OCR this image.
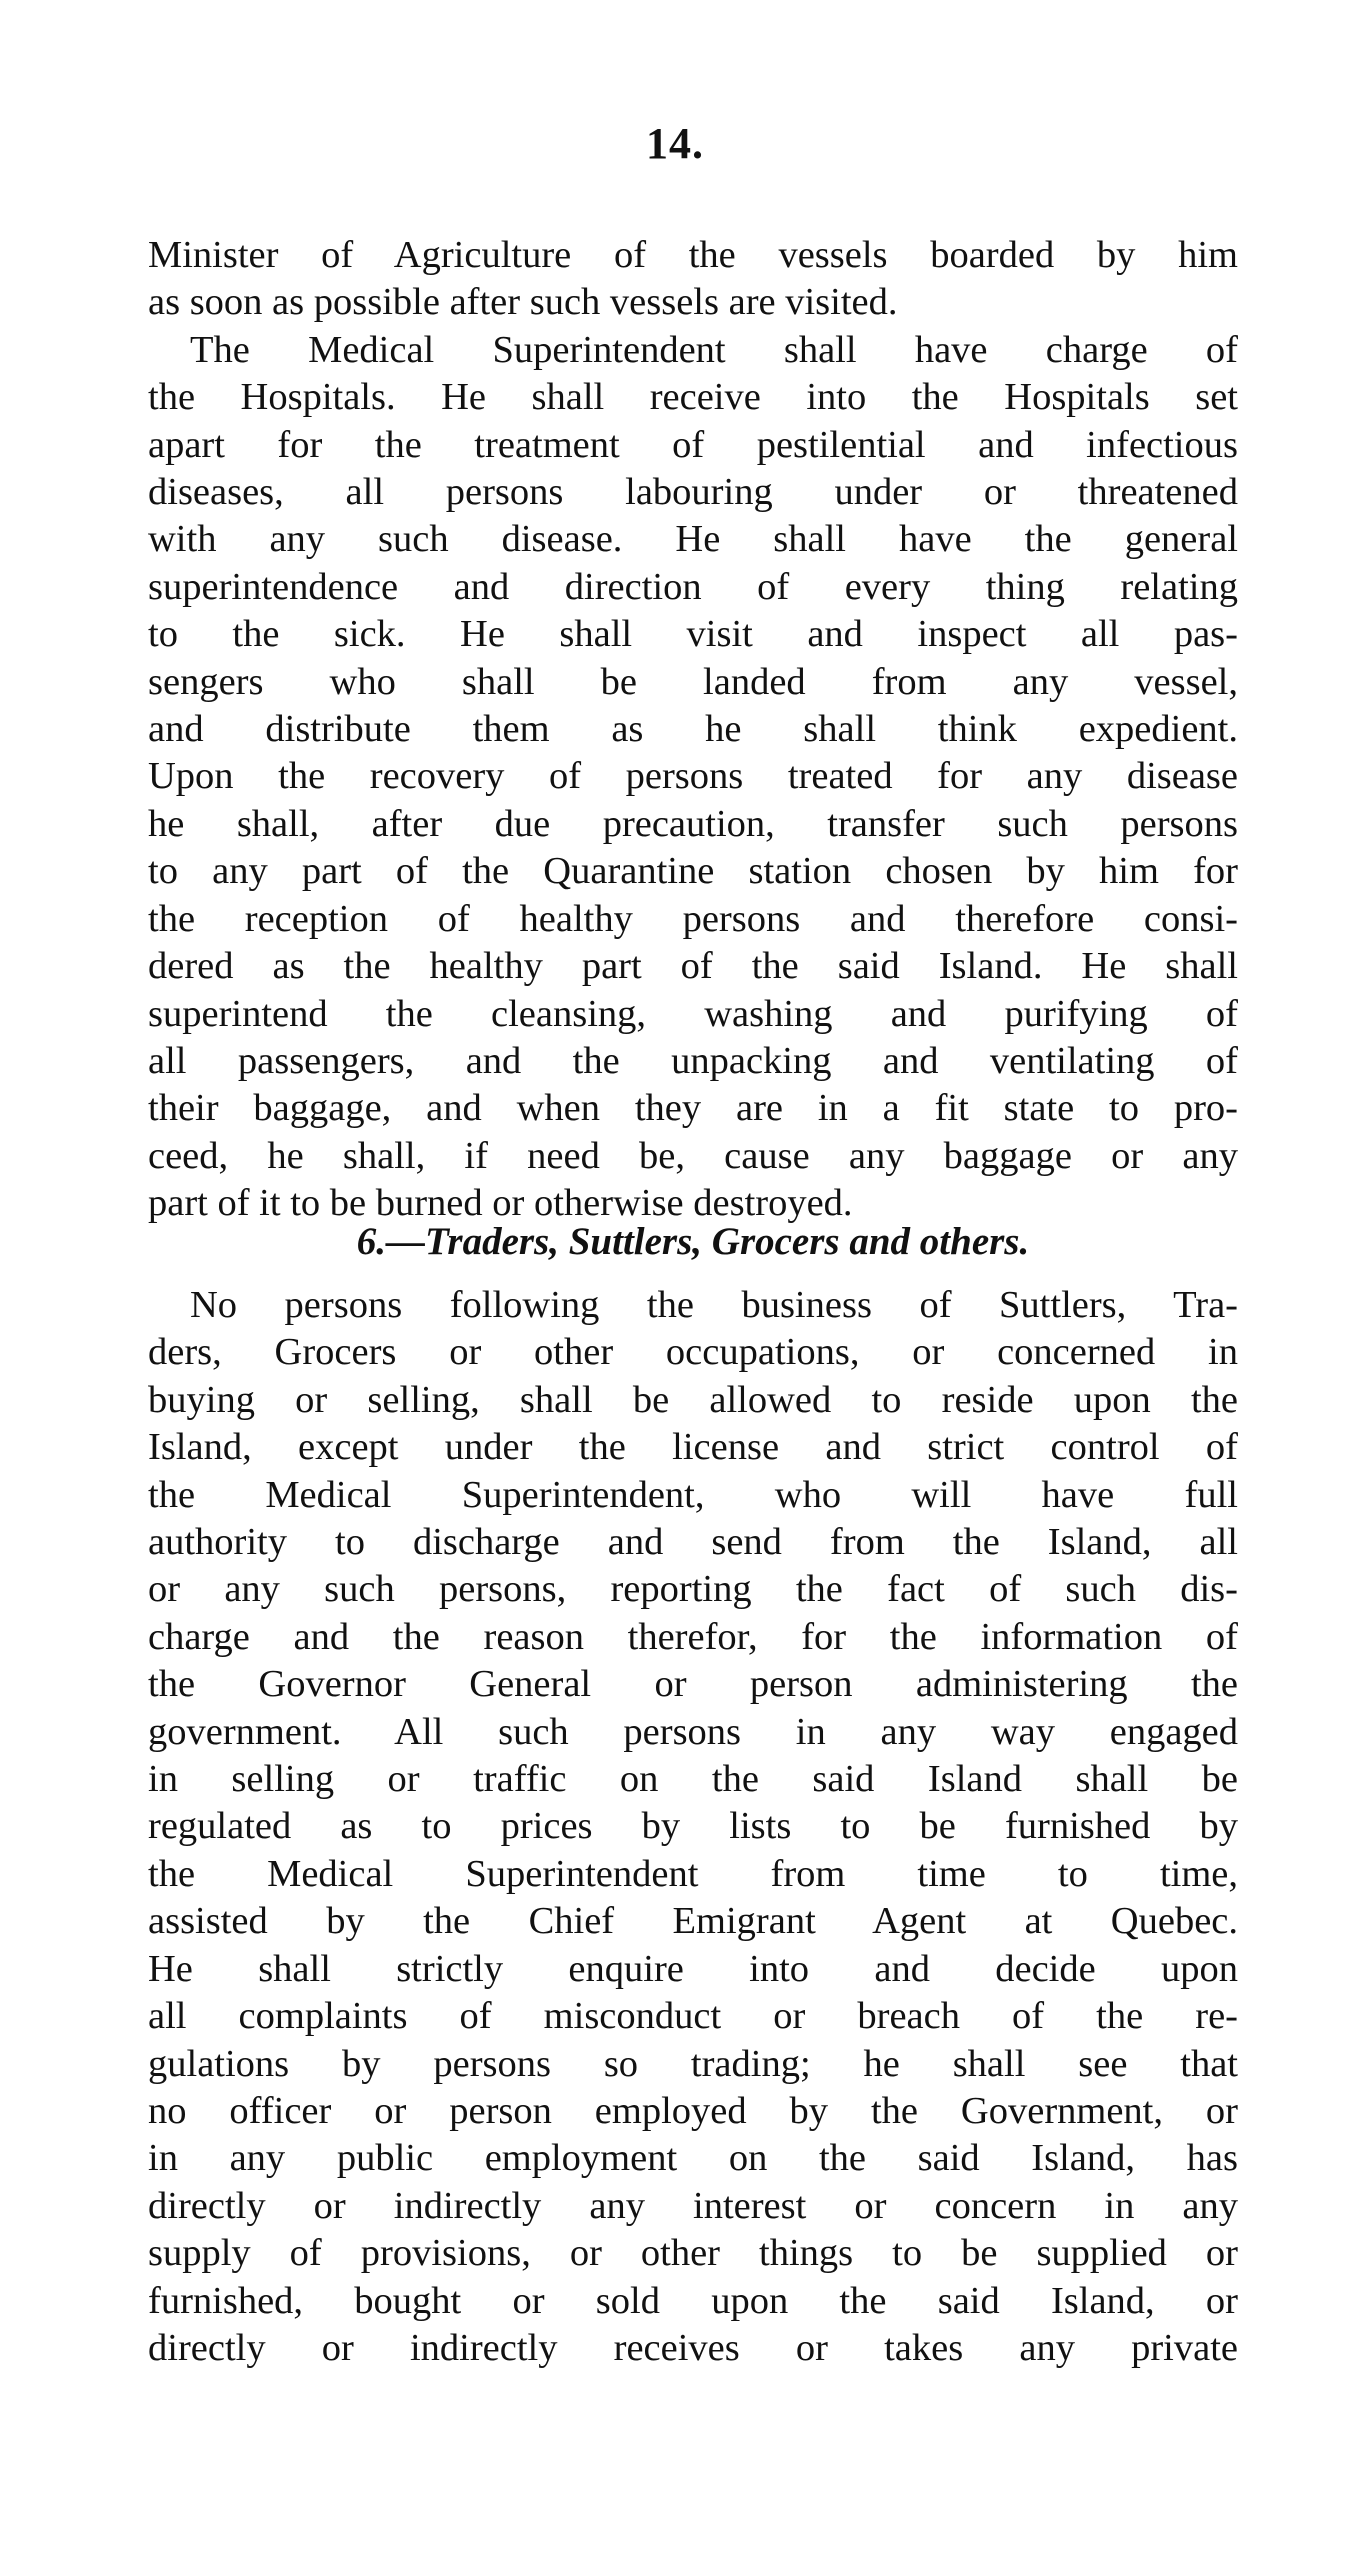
14.
Minister of Agriculture of the vessels boarded by him
as soon as possible after such vessels are visited.
The Medical Superintendent shall have charge of
the Hospitals. He shall receive into the Hospitals set
apart for the treatment of pestilential and infectious
diseases, all persons labouring under or threatened
with any such disease. He shall have the general
superintendence and direction of every thing relating
to the sick. He shall visit and inspect all pas-
sengers who shall be landed from any vessel,
and distribute them as he shall think expedient.
Upon the recovery of persons treated for any disease
he shall, after due precaution, transfer such persons
to any part of the Quarantine station chosen by him for
the reception of healthy persons and therefore consi-
dered as the healthy part of the said Island. He shall
superintend the cleansing, washing and purifying of
all passengers, and the unpacking and ventilating of
their baggage, and when they are in a fit state to pro-
ceed, he shall, if need be, cause any baggage or any
part of it to be burned or otherwise destroyed.
6.—Traders, Suttlers, Grocers and others.
No persons following the business of Suttlers, Tra-
ders, Grocers or other occupations, or concerned in
buying or selling, shall be allowed to reside upon the
Island, except under the license and strict control of
the Medical Superintendent, who will have full
authority to discharge and send from the Island, all
or any such persons, reporting the fact of such dis-
charge and the reason therefor, for the information of
the Governor General or person administering the
government. All such persons in any way engaged
in selling or traffic on the said Island shall be
regulated as to prices by lists to be furnished by
the Medical Superintendent from time to time,
assisted by the Chief Emigrant Agent at Quebec.
He shall strictly enquire into and decide upon
all complaints of misconduct or breach of the re-
gulations by persons so trading; he shall see that
no officer or person employed by the Government, or
in any public employment on the said Island, has
directly or indirectly any interest or concern in any
supply of provisions, or other things to be supplied or
furnished, bought or sold upon the said Island, or
directly or indirectly receives or takes any private
